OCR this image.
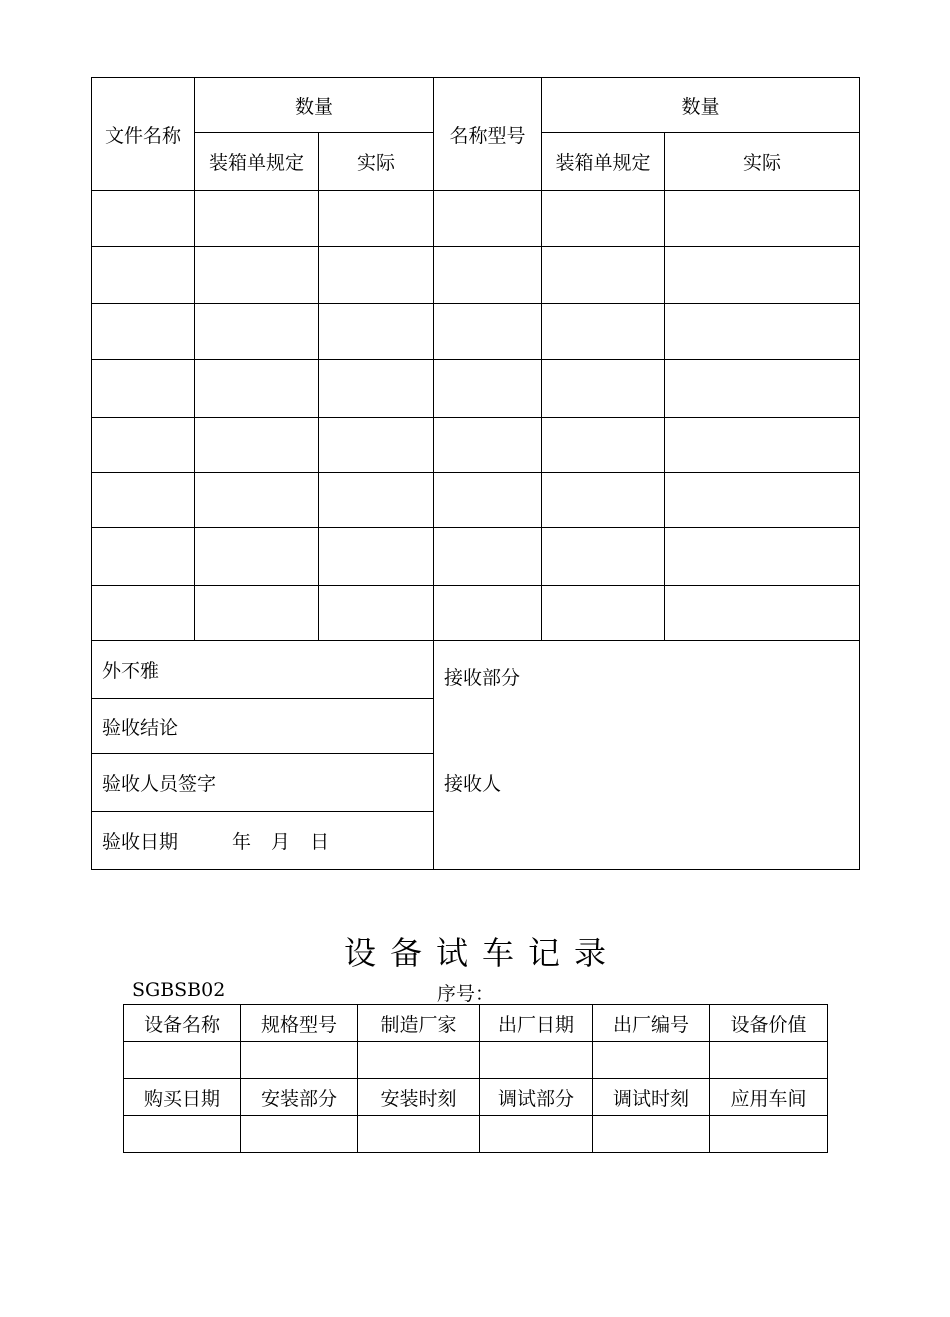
文件名称	数量		名称型号	数量	
	装箱单规定	实际		装箱单规定	实际

外不雅			接收部分
接收人		

验收结论					
验收人员签字					
验收日期 年 月 日					
设备试车记录
SGBSB02	序号：
设备名称	规格型号	制造厂家	出厂日期	出厂编号	设备价值

购买日期	安装部分	安装时刻	调试部分	调试时刻	应用车间
